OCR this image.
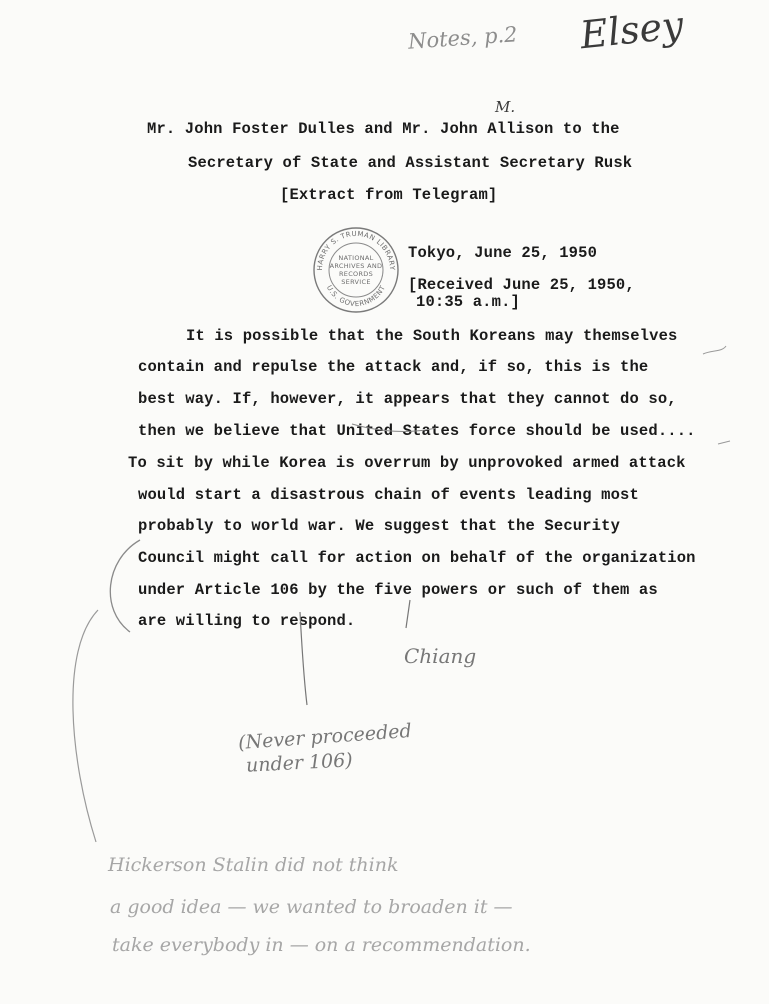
Notes, p.2 Elsey
M.
Mr. John Foster Dulles and Mr. John Allison to the
Secretary of State and Assistant Secretary Rusk
[Extract from Telegram]
HARRY S. TRUMAN LIBRARY
U.S. GOVERNMENT
NATIONAL
ARCHIVES AND
RECORDS
SERVICE
Tokyo, June 25, 1950
[Received June 25, 1950,
10:35 a.m.]
It is possible that the South Koreans may themselves
contain and repulse the attack and, if so, this is the
best way. If, however, it appears that they cannot do so,
then we believe that United States force should be used....
To sit by while Korea is overrum by unprovoked armed attack
would start a disastrous chain of events leading most
probably to world war. We suggest that the Security
Council might call for action on behalf of the organization
under Article 106 by the five powers or such of them as
are willing to respond.
Chiang
(Never proceeded
under 106)
Hickerson Stalin did not think
a good idea — we wanted to broaden it —
take everybody in — on a recommendation.
